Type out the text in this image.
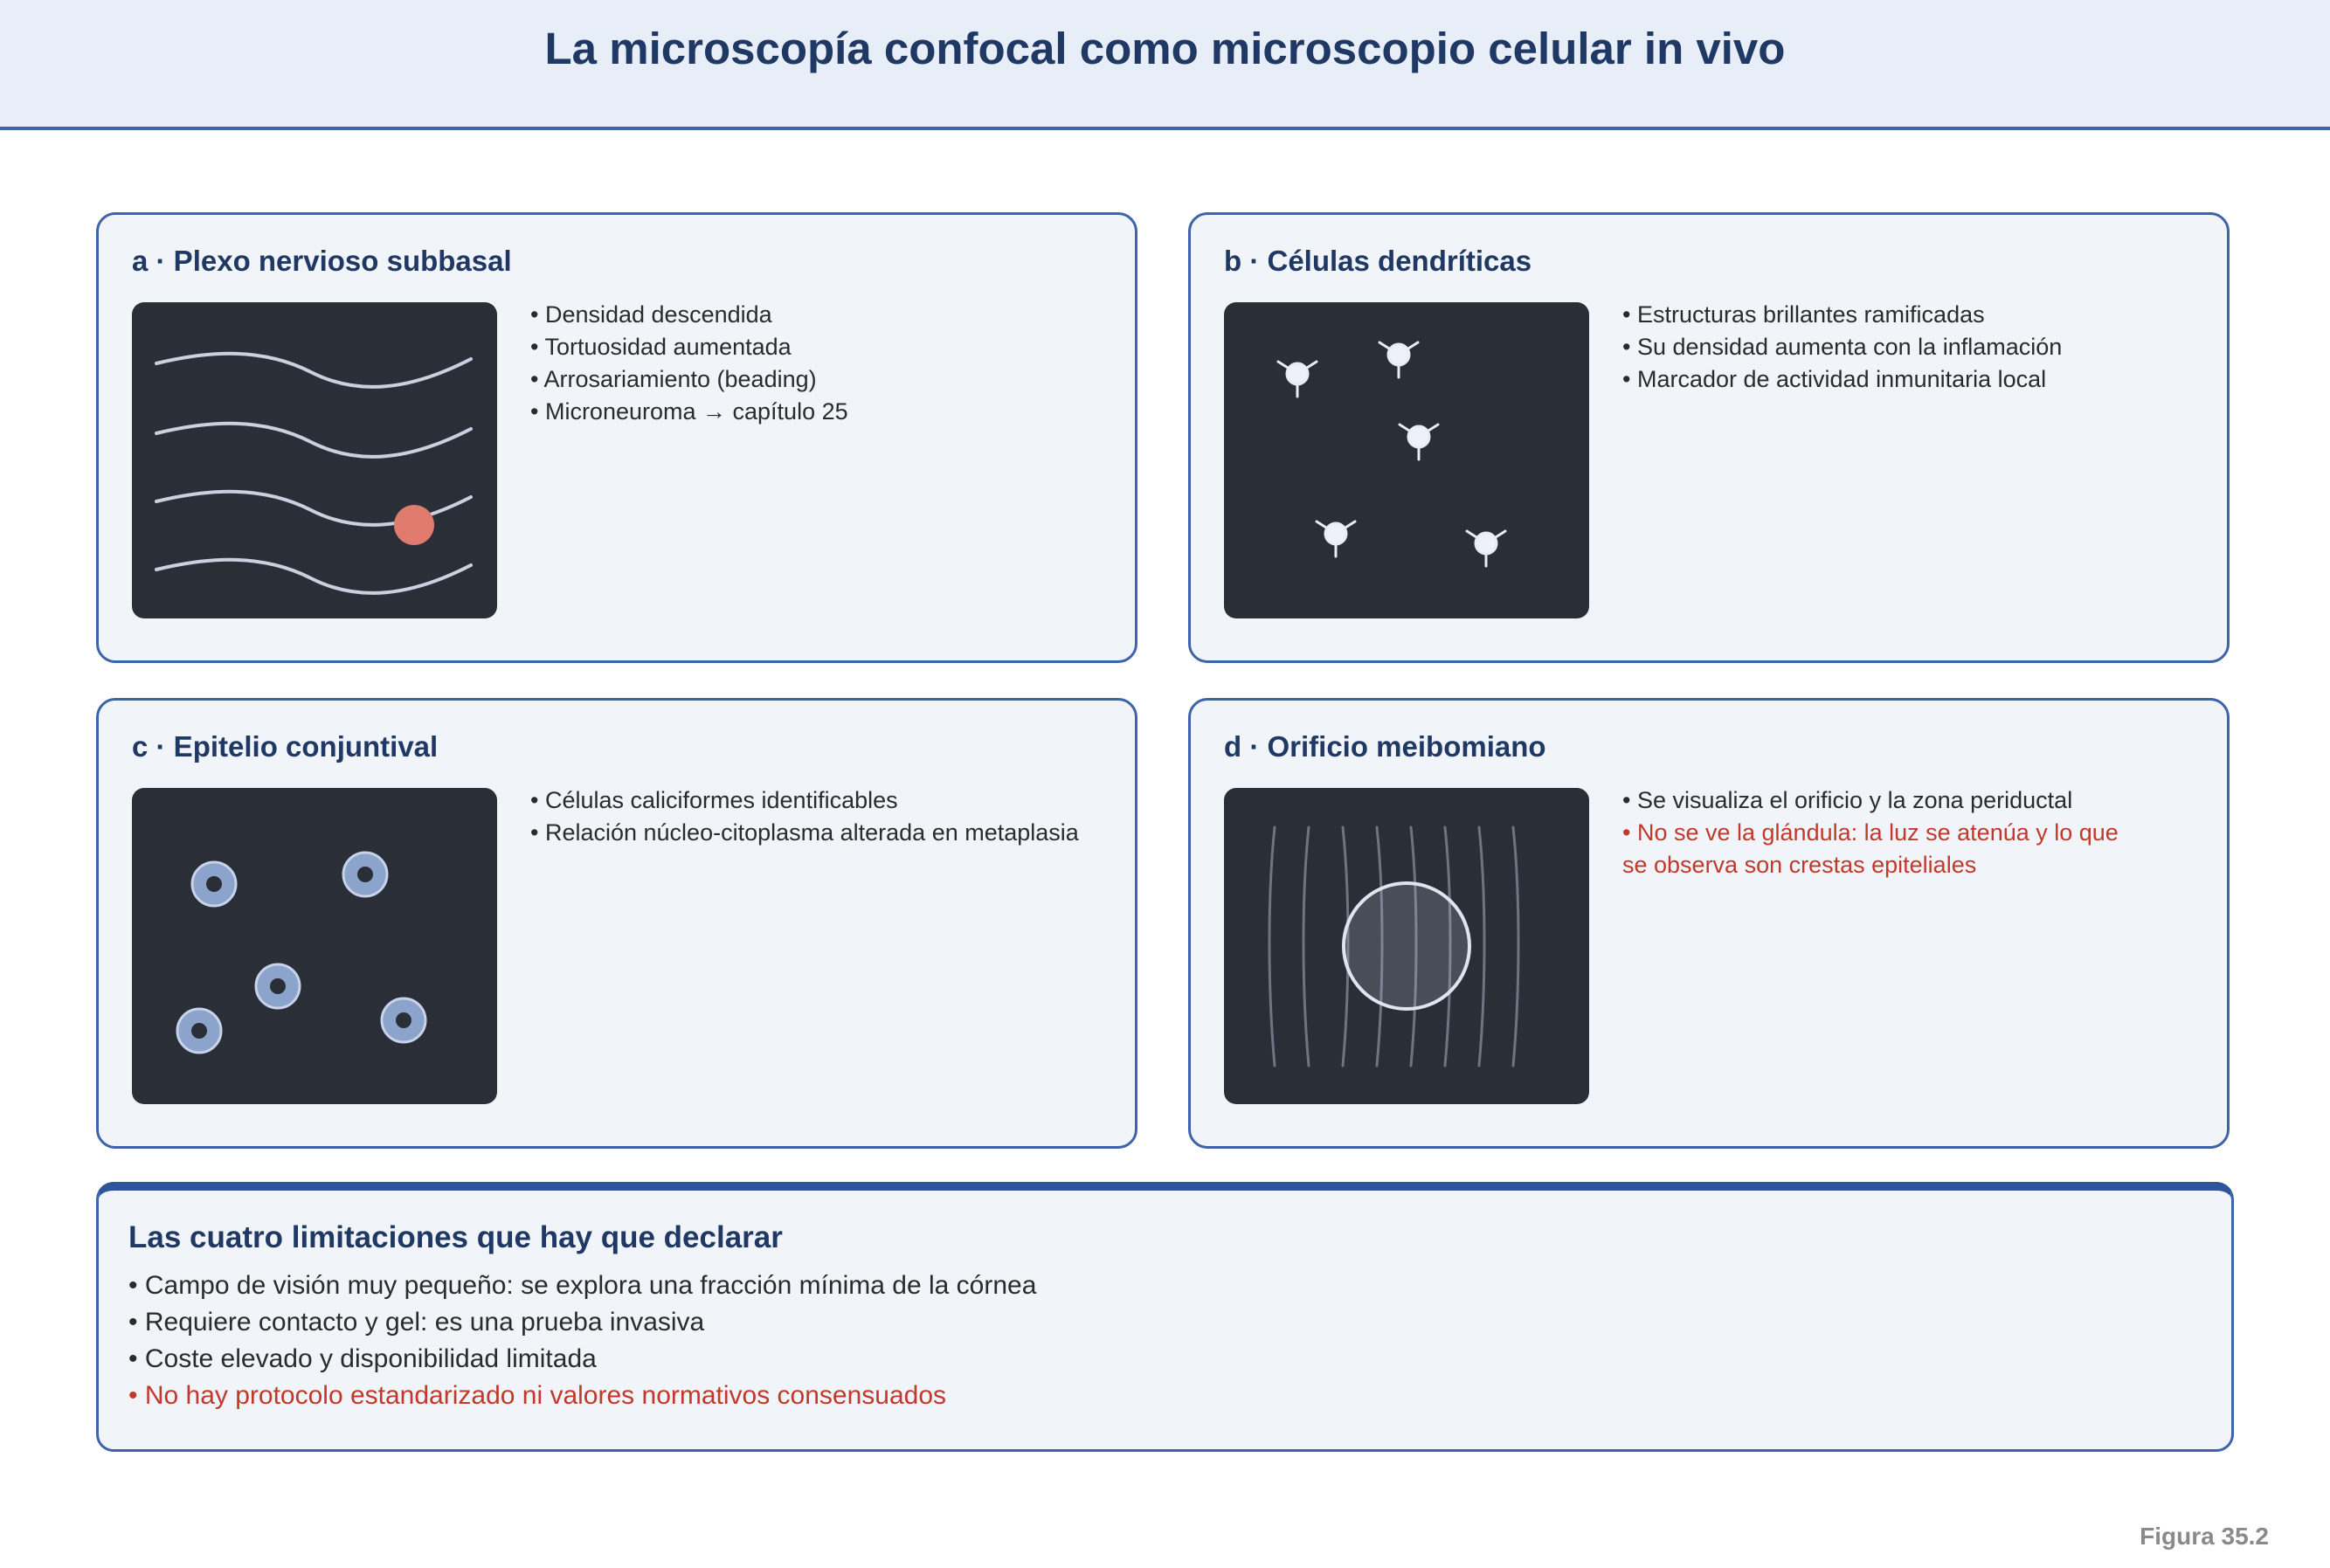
La microscopía confocal como microscopio celular in vivo
a · Plexo nervioso subbasal
• Densidad descendida
• Tortuosidad aumentada
• Arrosariamiento (beading)
• Microneuroma → capítulo 25
b · Células dendríticas
• Estructuras brillantes ramificadas
• Su densidad aumenta con la inflamación
• Marcador de actividad inmunitaria local
c · Epitelio conjuntival
• Células caliciformes identificables
• Relación núcleo-citoplasma alterada en metaplasia
d · Orificio meibomiano
• Se visualiza el orificio y la zona periductal
• No se ve la glándula: la luz se atenúa y lo que se observa son crestas epiteliales
Las cuatro limitaciones que hay que declarar
• Campo de visión muy pequeño: se explora una fracción mínima de la córnea
• Requiere contacto y gel: es una prueba invasiva
• Coste elevado y disponibilidad limitada
• No hay protocolo estandarizado ni valores normativos consensuados
Figura 35.2
